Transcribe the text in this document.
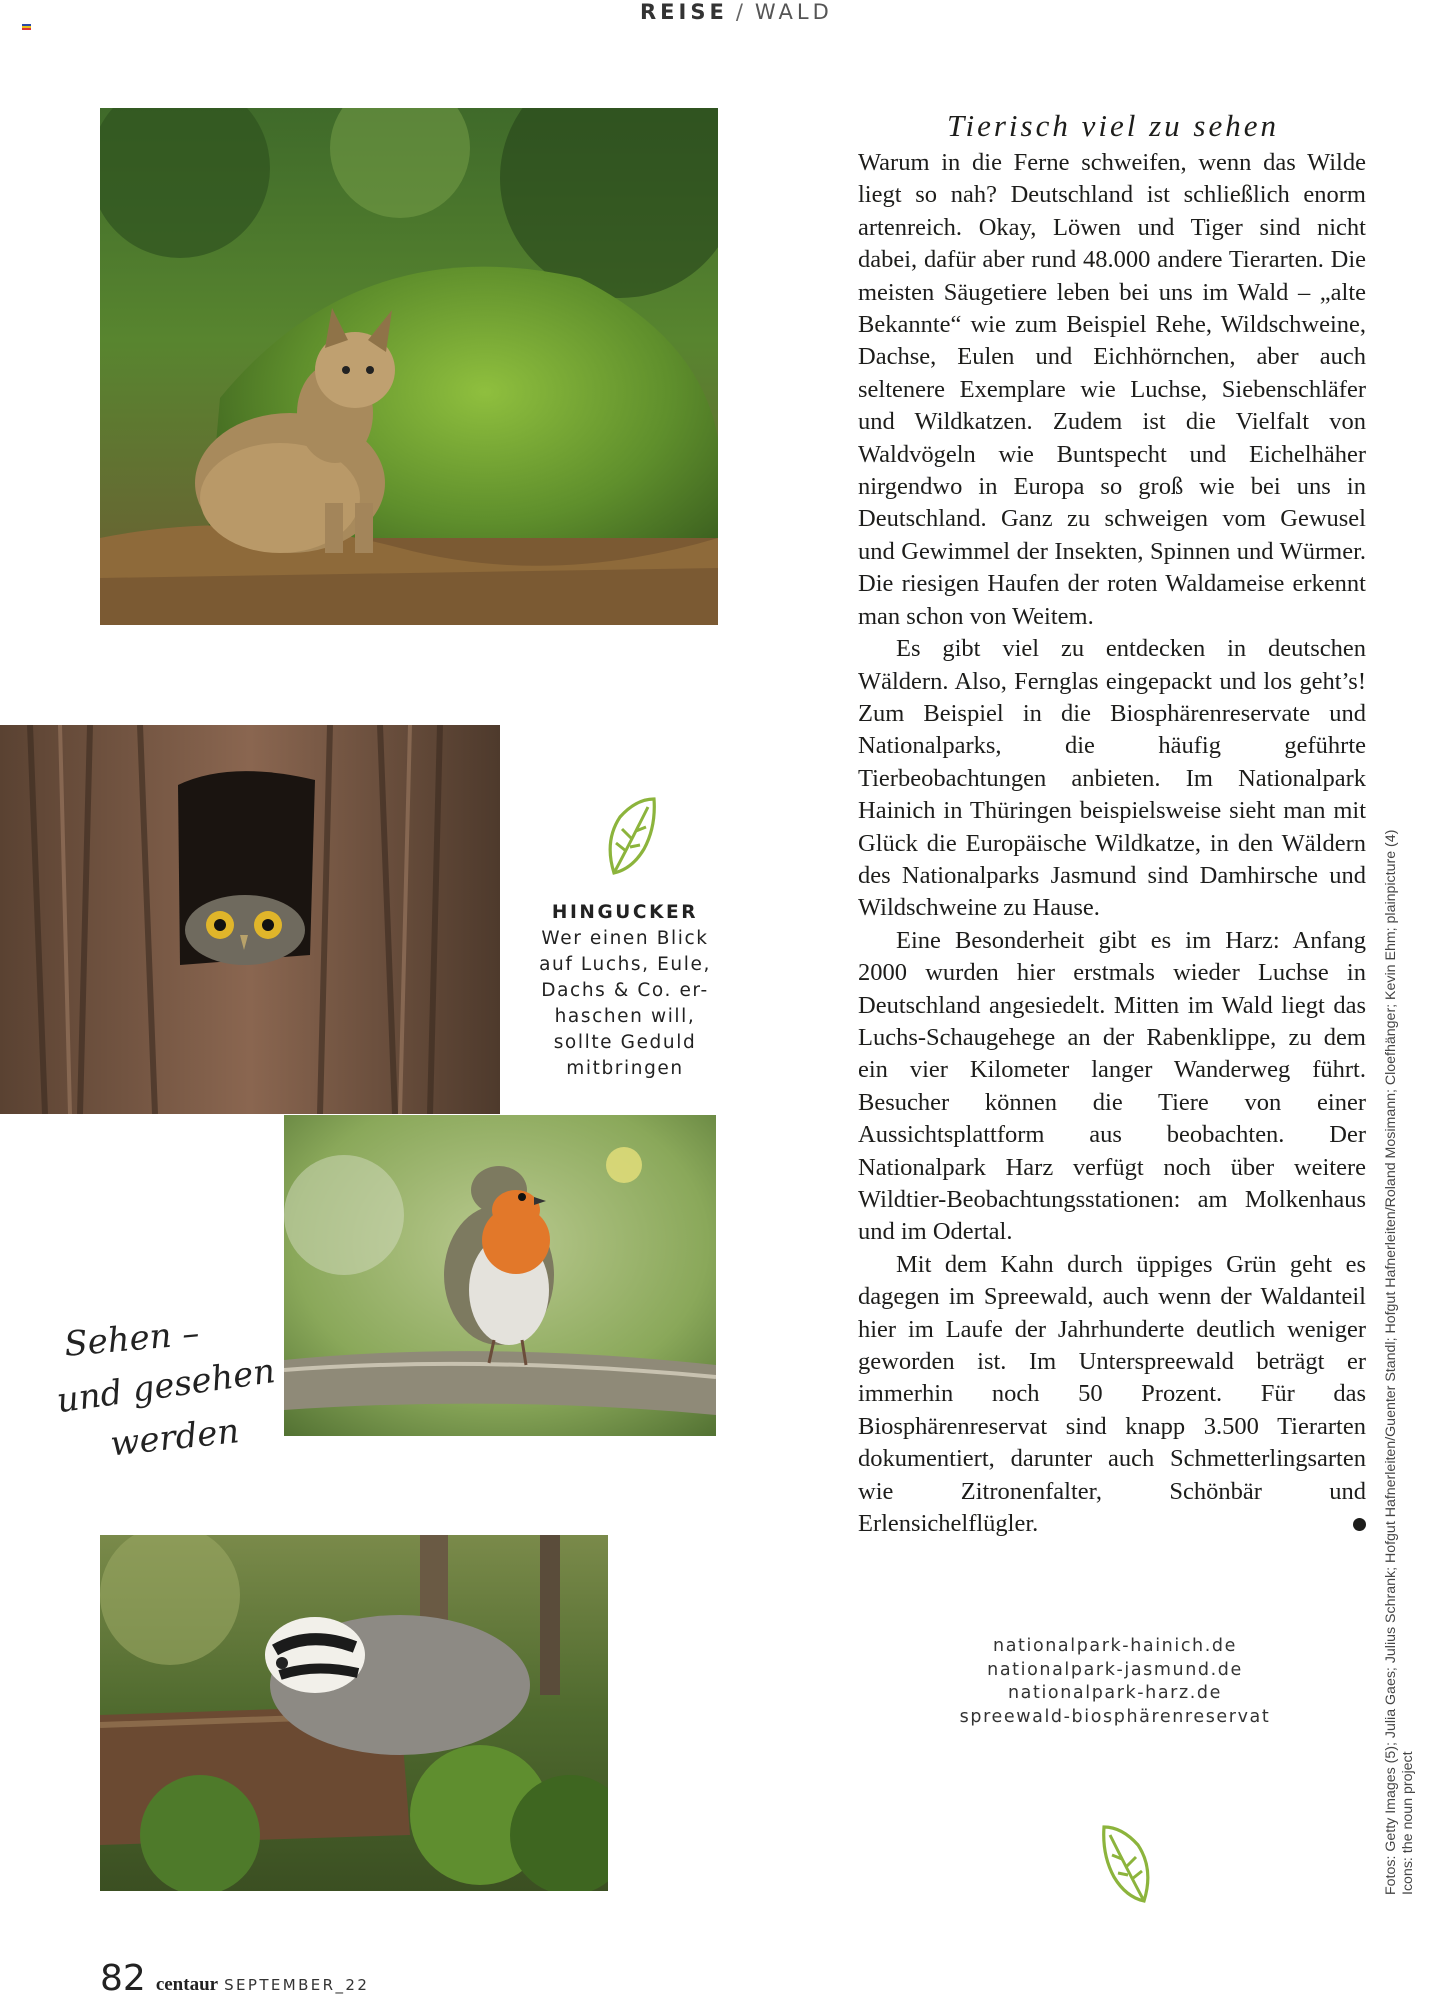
REISE / WALD
HINGUCKER
Wer einen Blick
auf Luchs, Eule,
Dachs & Co. er-
haschen will,
sollte Geduld
mitbringen
Sehen –
und gesehen
werden
Tierisch viel zu sehen

Warum in die Ferne schweifen, wenn das Wilde liegt so nah? Deutschland ist schließlich enorm artenreich. Okay, Löwen und Tiger sind nicht dabei, dafür aber rund 48.000 andere Tierarten. Die meisten Säugetiere leben bei uns im Wald – „alte Bekannte“ wie zum Beispiel Rehe, Wildschweine, Dachse, Eulen und Eichhörnchen, aber auch seltenere Exemplare wie Luchse, Siebenschläfer und Wildkatzen. Zudem ist die Vielfalt von Waldvögeln wie Buntspecht und Eichelhäher nirgendwo in Europa so groß wie bei uns in Deutschland. Ganz zu schweigen vom Gewusel und Gewimmel der Insekten, Spinnen und Würmer. Die riesigen Haufen der roten Waldameise erkennt man schon von Weitem.

Es gibt viel zu entdecken in deutschen Wäldern. Also, Fernglas eingepackt und los geht’s! Zum Beispiel in die Biosphärenreservate und Nationalparks, die häufig geführte Tierbeobachtungen anbieten. Im Nationalpark Hainich in Thüringen beispielsweise sieht man mit Glück die Europäische Wildkatze, in den Wäldern des Nationalparks Jasmund sind Damhirsche und Wildschweine zu Hause.

Eine Besonderheit gibt es im Harz: Anfang 2000 wurden hier erstmals wieder Luchse in Deutschland angesiedelt. Mitten im Wald liegt das Luchs-Schaugehege an der Rabenklippe, zu dem ein vier Kilometer langer Wanderweg führt. Besucher können die Tiere von einer Aussichtsplattform aus beobachten. Der Nationalpark Harz verfügt noch über weitere Wildtier-Beobachtungsstationen: am Molkenhaus und im Odertal.

Mit dem Kahn durch üppiges Grün geht es dagegen im Spreewald, auch wenn der Waldanteil hier im Laufe der Jahrhunderte deutlich weniger geworden ist. Im Unterspreewald beträgt er immerhin noch 50 Prozent. Für das Biosphärenreservat sind knapp 3.500 Tierarten dokumentiert, darunter auch Schmetterlingsarten wie Zitronenfalter, Schönbär und Erlensichelflügler.

nationalpark-hainich.de
nationalpark-jasmund.de
nationalpark-harz.de
spreewald-biosphärenreservat	Fotos: Getty Images (5); Julia Gaes; Julius Schrank; Hofgut Hafnerleiten/Guenter Standl; Hofgut Hafnerleiten/Roland Mosimann; Cloefhänger; Kevin Ehm; plainpicture (4) Icons: the noun project
82 centaur SEPTEMBER_22
